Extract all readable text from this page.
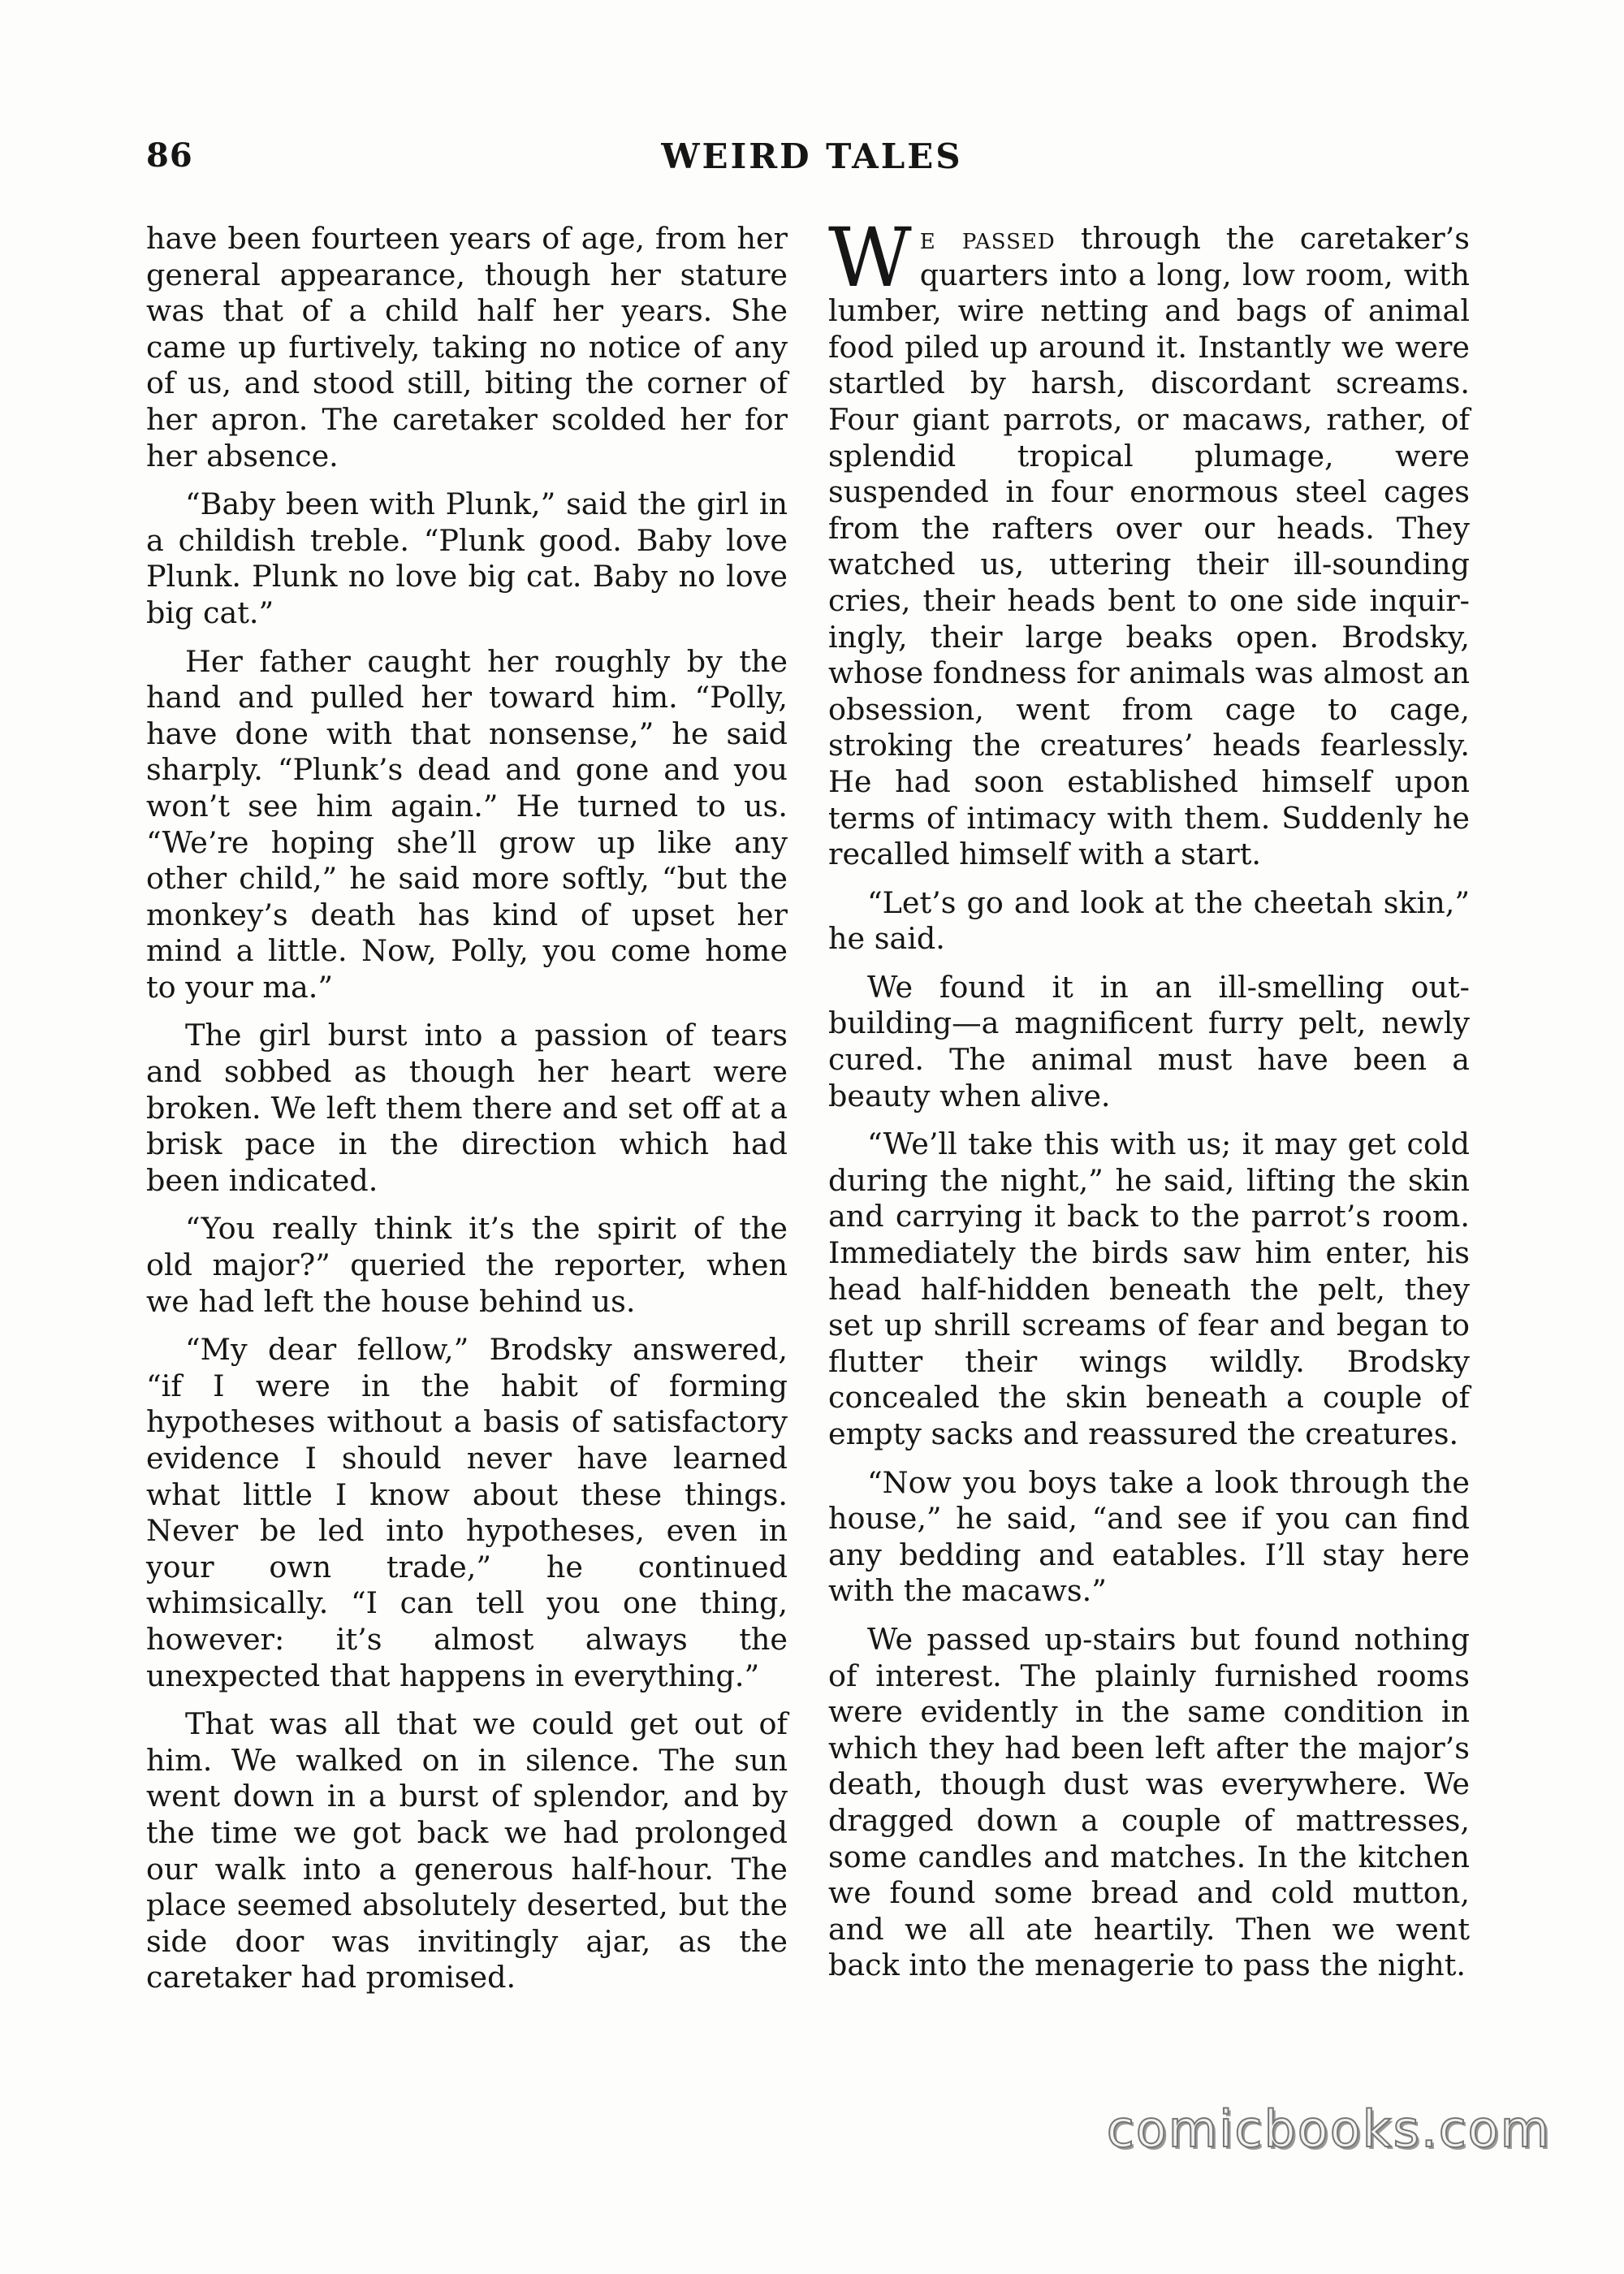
86	WEIRD TALES

have been fourteen years of age, from her general appearance, though her stature was that of a child half her years. She came up furtively, taking no notice of any of us, and stood still, biting the corner of her apron. The caretaker scolded her for her absence.

“Baby been with Plunk,” said the girl in a childish treble. “Plunk good. Baby love Plunk. Plunk no love big cat. Baby no love big cat.”

Her father caught her roughly by the hand and pulled her toward him. “Polly, have done with that nonsense,” he said sharply. “Plunk’s dead and gone and you won’t see him again.” He turned to us. “We’re hoping she’ll grow up like any other child,” he said more softly, “but the monkey’s death has kind of upset her mind a little. Now, Polly, you come home to your ma.”

The girl burst into a passion of tears and sobbed as though her heart were broken. We left them there and set off at a brisk pace in the direction which had been indicated.

“You really think it’s the spirit of the old major?” queried the reporter, when we had left the house behind us.

“My dear fellow,” Brodsky answered, “if I were in the habit of forming hypotheses without a basis of satisfactory evidence I should never have learned what little I know about these things. Never be led into hypotheses, even in your own trade,” he continued whimsically. “I can tell you one thing, however: it’s almost always the unexpected that happens in everything.”

That was all that we could get out of him. We walked on in silence. The sun went down in a burst of splendor, and by the time we got back we had prolonged our walk into a generous half-hour. The place seemed absolutely deserted, but the side door was invitingly ajar, as the caretaker had promised.

We passed through the caretaker’s quarters into a long, low room, with lumber, wire netting and bags of animal food piled up around it. Instantly we were startled by harsh, discordant screams. Four giant parrots, or macaws, rather, of splendid tropical plumage, were suspended in four enormous steel cages from the rafters over our heads. They watched us, uttering their ill-sounding cries, their heads bent to one side inquiringly, their large beaks open. Brodsky, whose fondness for animals was almost an obsession, went from cage to cage, stroking the creatures’ heads fearlessly. He had soon established himself upon terms of intimacy with them. Suddenly he recalled himself with a start.

“Let’s go and look at the cheetah skin,” he said.

We found it in an ill-smelling outbuilding—a magnificent furry pelt, newly cured. The animal must have been a beauty when alive.

“We’ll take this with us; it may get cold during the night,” he said, lifting the skin and carrying it back to the parrot’s room. Immediately the birds saw him enter, his head half-hidden beneath the pelt, they set up shrill screams of fear and began to flutter their wings wildly. Brodsky concealed the skin beneath a couple of empty sacks and reassured the creatures.

“Now you boys take a look through the house,” he said, “and see if you can find any bedding and eatables. I’ll stay here with the macaws.”

We passed up-stairs but found nothing of interest. The plainly furnished rooms were evidently in the same condition in which they had been left after the major’s death, though dust was everywhere. We dragged down a couple of mattresses, some candles and matches. In the kitchen we found some bread and cold mutton, and we all ate heartily. Then we went back into the menagerie to pass the night.

comicbooks.com
